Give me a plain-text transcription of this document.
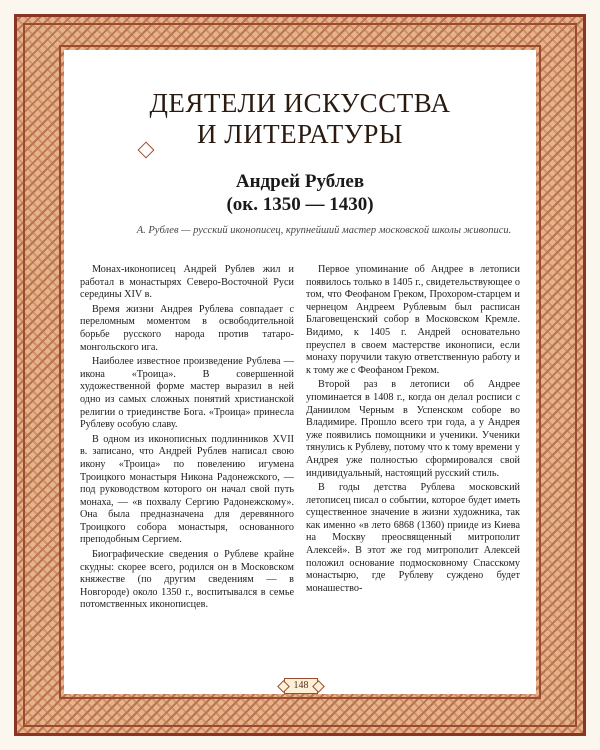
ДЕЯТЕЛИ ИСКУССТВА
И ЛИТЕРАТУРЫ
Андрей Рублев
(ок. 1350 — 1430)
А. Рублев — русский иконописец, крупнейший мастер московской школы живописи.

Монах-иконописец Андрей Рублев жил и работал в монастырях Северо-Восточной Руси середины XIV в.

Время жизни Андрея Рублева совпадает с переломным моментом в освободительной борьбе русского народа против татаро-монгольского ига.

Наиболее известное произведение Рублева — икона «Троица». В совершенной художественной форме мастер выразил в ней одно из самых сложных понятий христианской религии о триединстве Бога. «Троица» принесла Рублеву особую славу.

В одном из иконописных подлинников XVII в. записано, что Андрей Рублев написал свою икону «Троица» по повелению игумена Троицкого монастыря Никона Радонежского, — под руководством которого он начал свой путь монаха, — «в похвалу Сергию Радонежскому». Она была предназначена для деревянного Троицкого собора монастыря, основанного преподобным Сергием.

Биографические сведения о Рублеве крайне скудны: скорее всего, родился он в Московском княжестве (по другим сведениям — в Новгороде) около 1350 г., воспитывался в семье потомственных иконописцев.

Первое упоминание об Андрее в летописи появилось только в 1405 г., свидетельствующее о том, что Феофаном Греком, Прохором-старцем и чернецом Андреем Рублевым был расписан Благовещенский собор в Московском Кремле. Видимо, к 1405 г. Андрей основательно преуспел в своем мастерстве иконописи, если монаху поручили такую ответственную работу и к тому же с Феофаном Греком.

Второй раз в летописи об Андрее упоминается в 1408 г., когда он делал росписи с Даниилом Черным в Успенском соборе во Владимире. Прошло всего три года, а у Андрея уже появились помощники и ученики. Ученики тянулись к Рублеву, потому что к тому времени у Андрея уже полностью сформировался свой индивидуальный, настоящий русский стиль.

В годы детства Рублева московский летописец писал о событии, которое будет иметь существенное значение в жизни художника, так как именно «в лето 6868 (1360) прииде из Киева на Москву преосвященный митрополит Алексей». В этот же год митрополит Алексей положил основание подмосковному Спасскому монастырю, где Рублеву суждено будет монашество-

148
